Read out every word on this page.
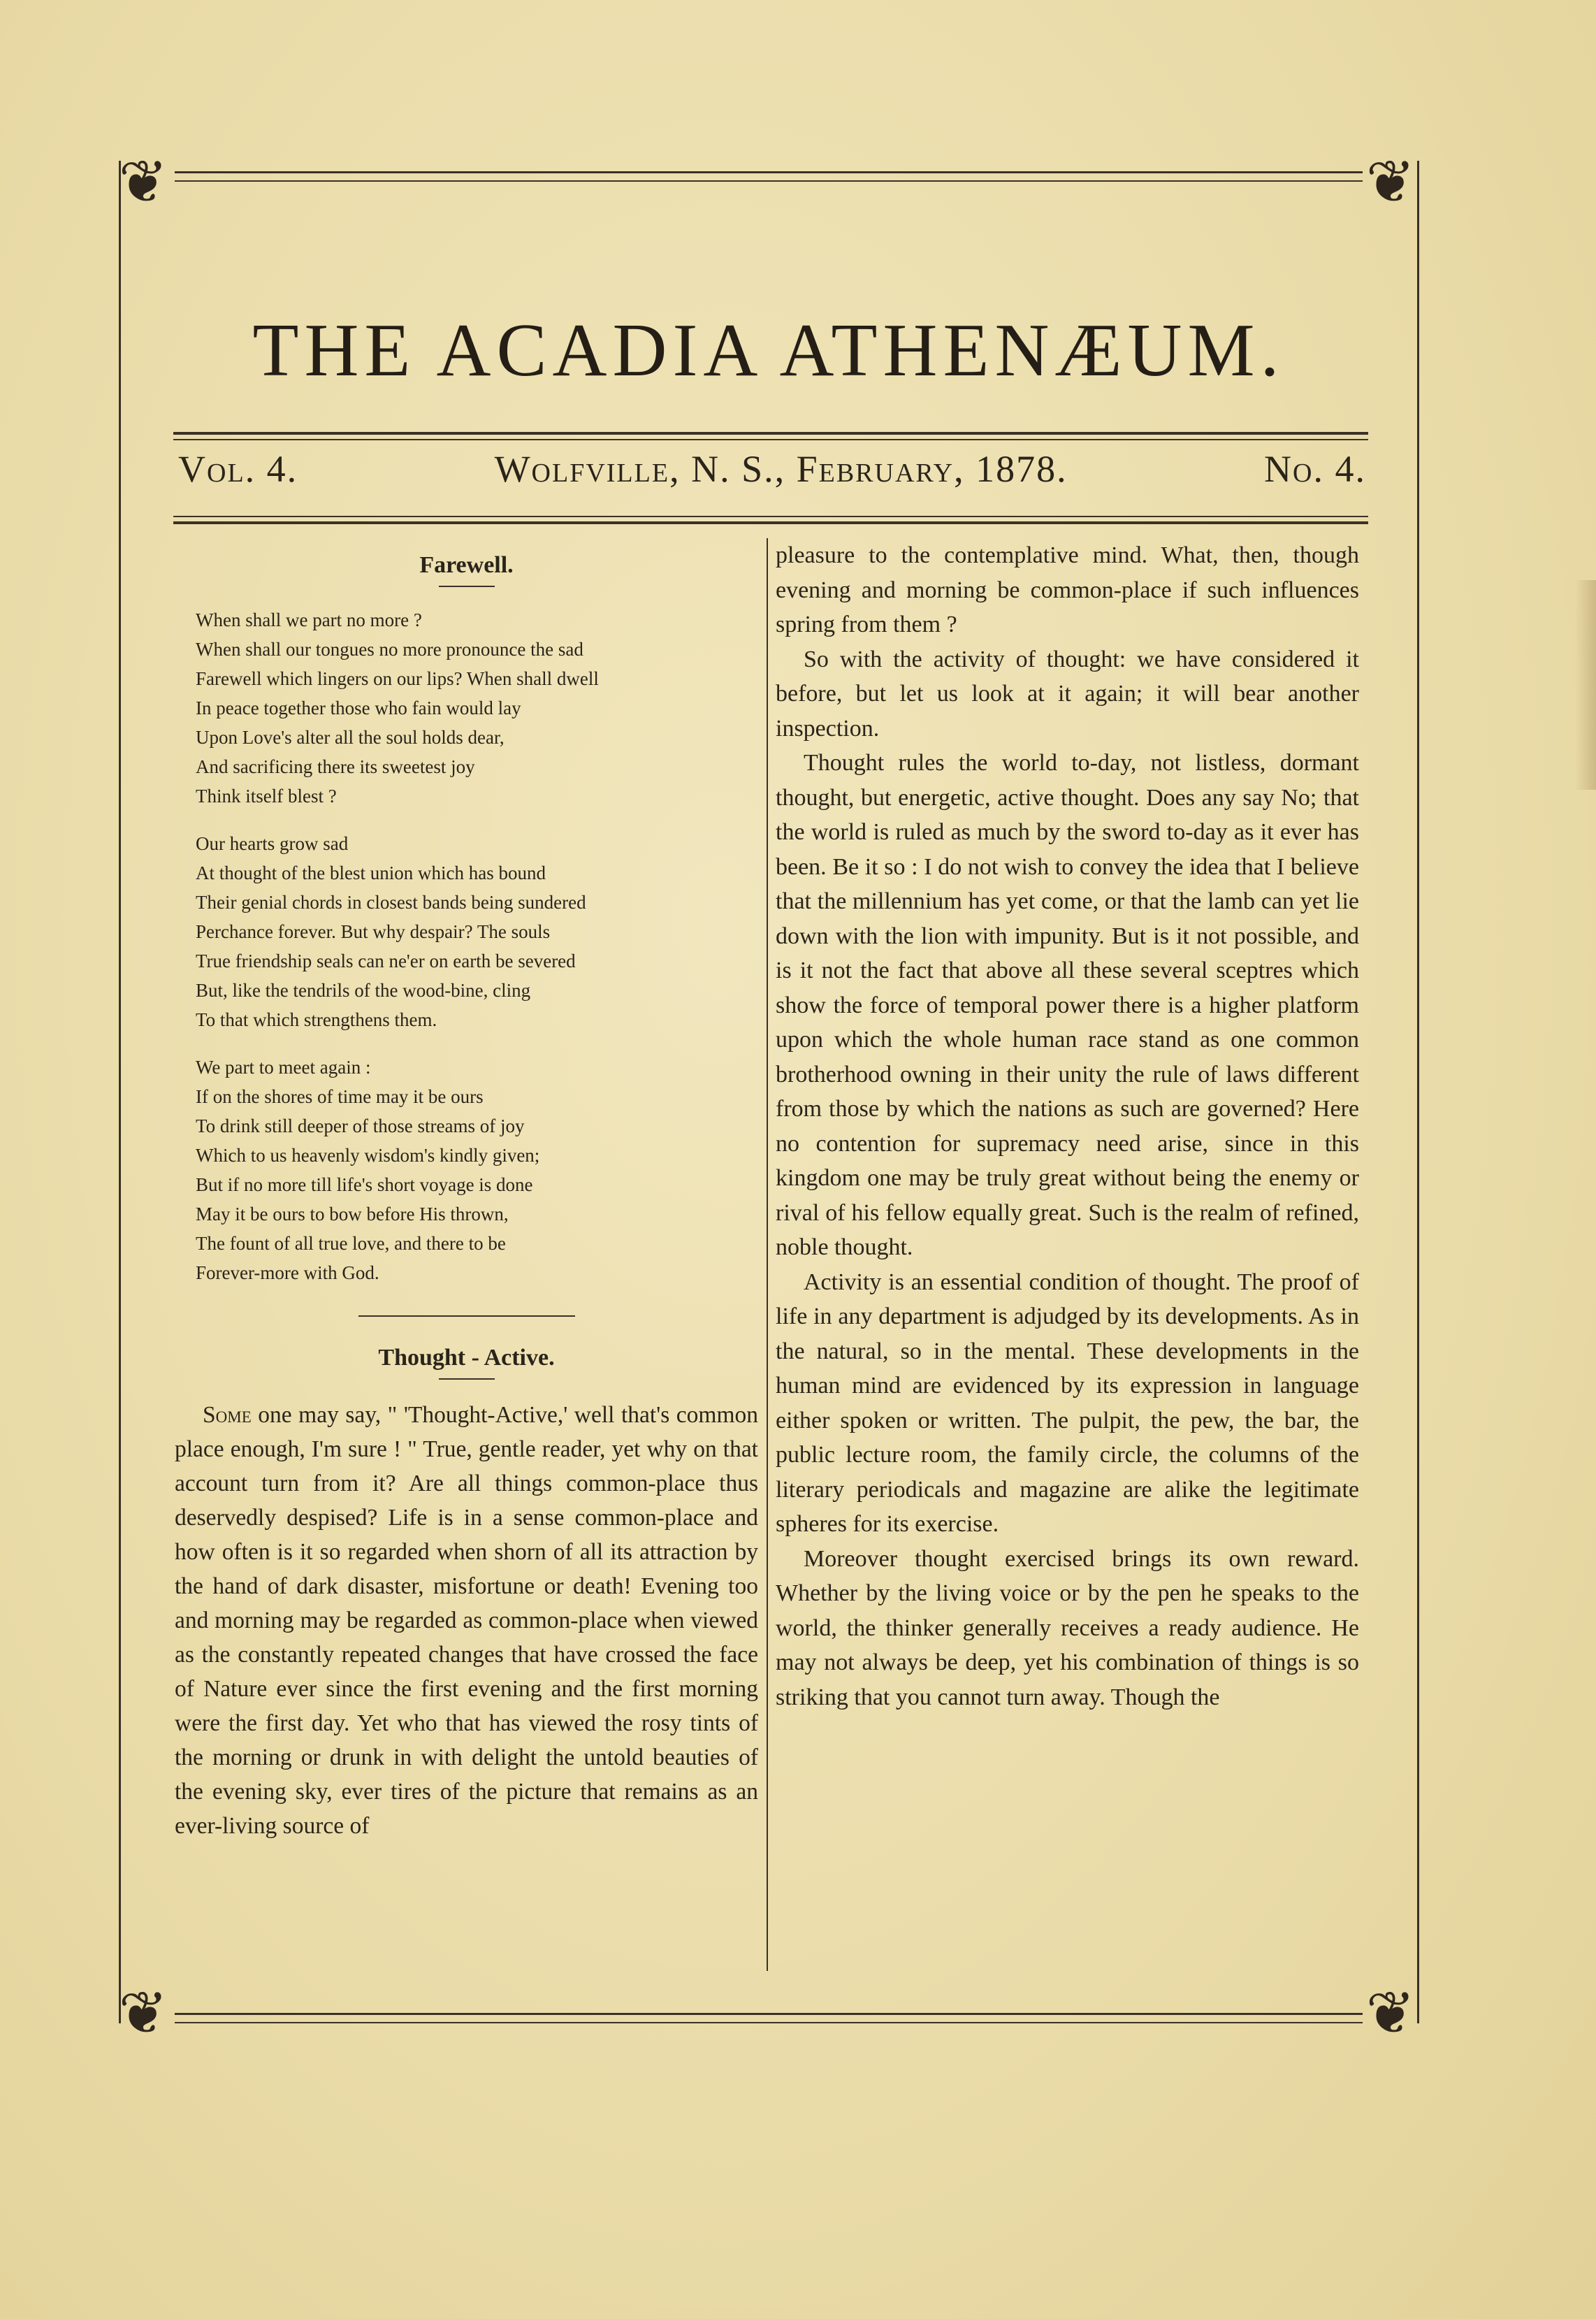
❦	❦
❦	❦
THE ACADIA ATHENÆUM.
Vol. 4.	Wolfville, N. S., February, 1878.	No. 4.
Farewell.
When shall we part no more ?
When shall our tongues no more pronounce the sad
Farewell which lingers on our lips? When shall dwell
In peace together those who fain would lay
Upon Love's alter all the soul holds dear,
And sacrificing there its sweetest joy
Think itself blest ?
Our hearts grow sad
At thought of the blest union which has bound
Their genial chords in closest bands being sundered
Perchance forever. But why despair? The souls
True friendship seals can ne'er on earth be severed
But, like the tendrils of the wood-bine, cling
To that which strengthens them.
We part to meet again :
If on the shores of time may it be ours
To drink still deeper of those streams of joy
Which to us heavenly wisdom's kindly given;
But if no more till life's short voyage is done
May it be ours to bow before His thrown,
The fount of all true love, and there to be
Forever-more with God.
Thought - Active.

Some one may say, " 'Thought-Active,' well that's common place enough, I'm sure ! " True, gentle reader, yet why on that account turn from it? Are all things common-place thus deservedly despised? Life is in a sense common-place and how often is it so regarded when shorn of all its attraction by the hand of dark disaster, misfortune or death! Evening too and morning may be regarded as common-place when viewed as the constantly repeated changes that have crossed the face of Nature ever since the first evening and the first morning were the first day. Yet who that has viewed the rosy tints of the morning or drunk in with delight the untold beauties of the evening sky, ever tires of the picture that remains as an ever-living source of

pleasure to the contemplative mind. What, then, though evening and morning be common-place if such influences spring from them ?

So with the activity of thought: we have considered it before, but let us look at it again; it will bear another inspection.

Thought rules the world to-day, not listless, dormant thought, but energetic, active thought. Does any say No; that the world is ruled as much by the sword to-day as it ever has been. Be it so : I do not wish to convey the idea that I believe that the millennium has yet come, or that the lamb can yet lie down with the lion with impunity. But is it not possible, and is it not the fact that above all these several sceptres which show the force of temporal power there is a higher platform upon which the whole human race stand as one common brotherhood owning in their unity the rule of laws different from those by which the nations as such are governed? Here no contention for supremacy need arise, since in this kingdom one may be truly great without being the enemy or rival of his fellow equally great. Such is the realm of refined, noble thought.

Activity is an essential condition of thought. The proof of life in any department is adjudged by its developments. As in the natural, so in the mental. These developments in the human mind are evidenced by its expression in language either spoken or written. The pulpit, the pew, the bar, the public lecture room, the family circle, the columns of the literary periodicals and magazine are alike the legitimate spheres for its exercise.

Moreover thought exercised brings its own reward. Whether by the living voice or by the pen he speaks to the world, the thinker generally receives a ready audience. He may not always be deep, yet his combination of things is so striking that you cannot turn away. Though the
